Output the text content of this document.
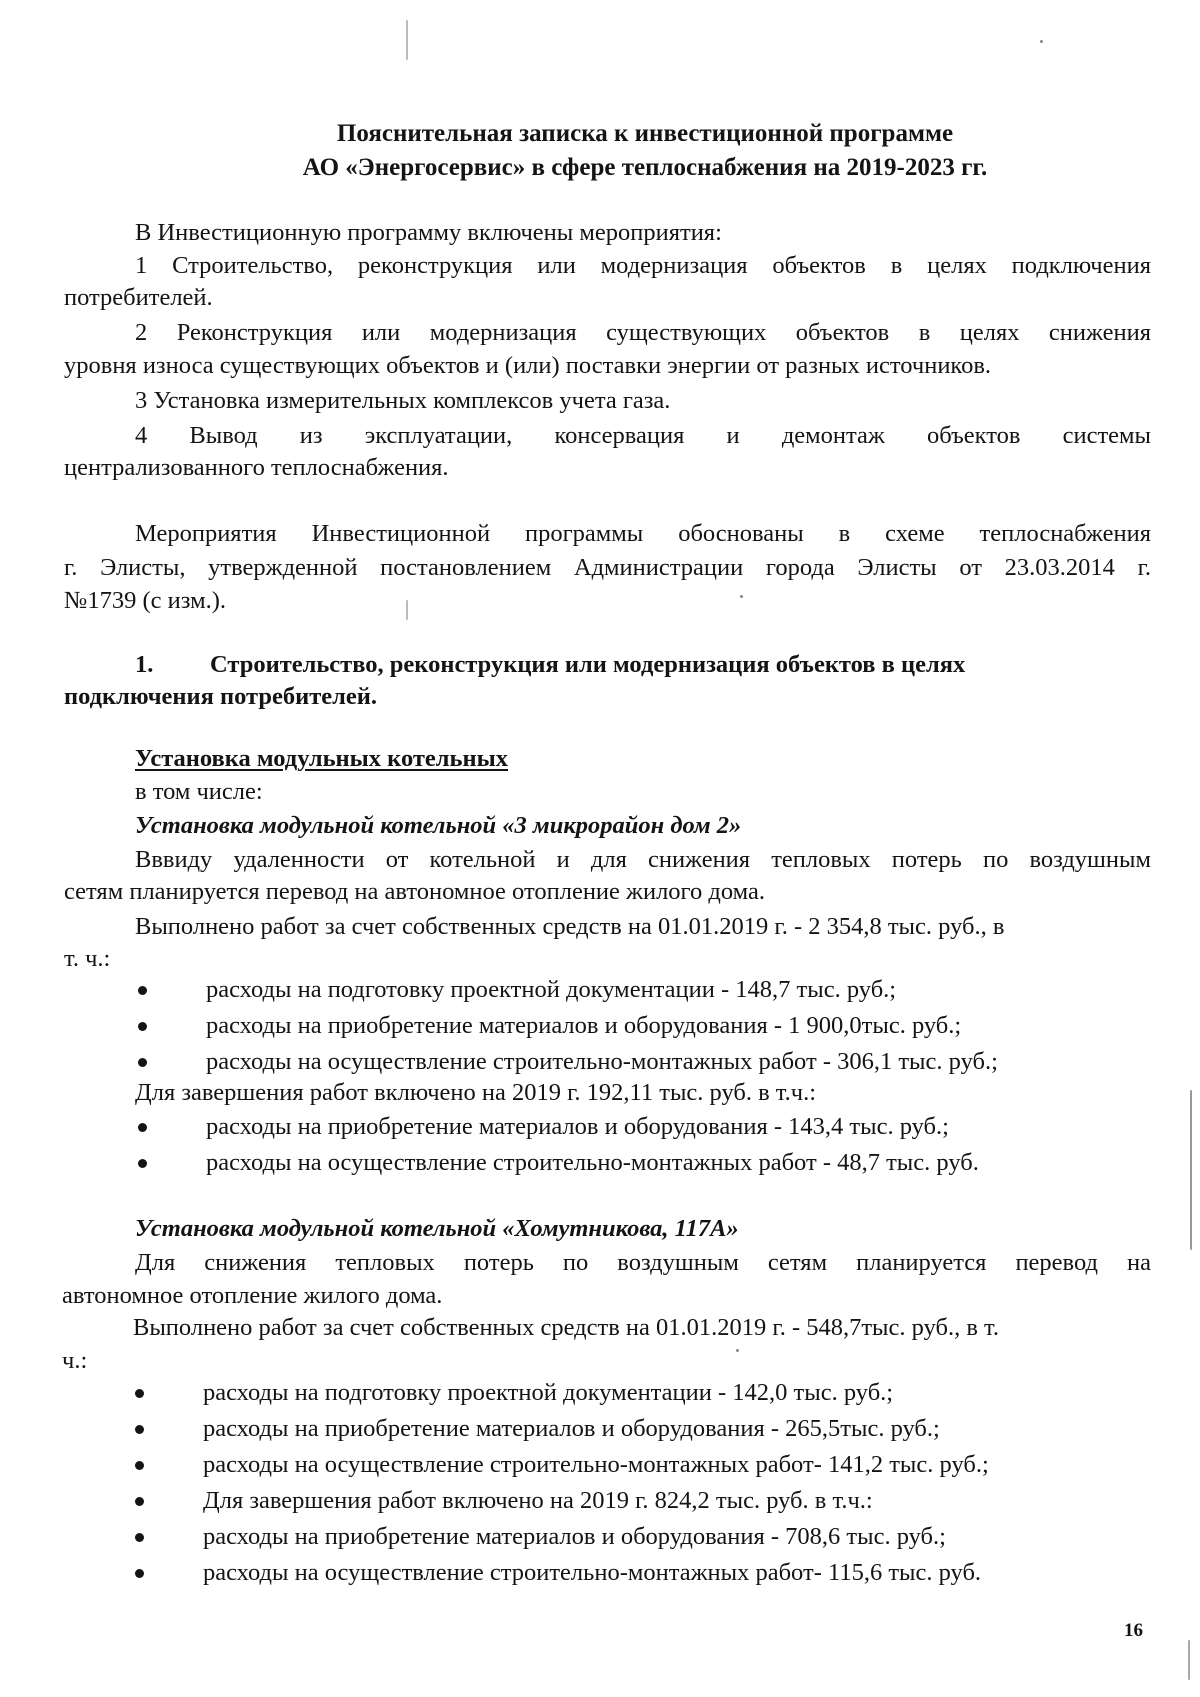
Пояснительная записка к инвестиционной программе
АО «Энергосервис» в сфере теплоснабжения на 2019-2023 гг.
В Инвестиционную программу включены мероприятия:
1 Строительство, реконструкция или модернизация объектов в целях подключения
потребителей.
2 Реконструкция или модернизация существующих объектов в целях снижения
уровня износа существующих объектов и (или) поставки энергии от разных источников.
3 Установка измерительных комплексов учета газа.
4 Вывод из эксплуатации, консервация и демонтаж объектов системы
централизованного теплоснабжения.
Мероприятия Инвестиционной программы обоснованы в схеме теплоснабжения
г. Элисты, утвержденной постановлением Администрации города Элисты от 23.03.2014 г.
№1739 (с изм.).
1. Строительство, реконструкция или модернизация объектов в целях
подключения потребителей.
Установка модульных котельных
в том числе:
Установка модульной котельной «3 микрорайон дом 2»
Вввиду удаленности от котельной и для снижения тепловых потерь по воздушным
сетям планируется перевод на автономное отопление жилого дома.
Выполнено работ за счет собственных средств на 01.01.2019 г. - 2 354,8 тыс. руб., в
т. ч.:
расходы на подготовку проектной документации - 148,7 тыс. руб.;
расходы на приобретение материалов и оборудования - 1 900,0тыс. руб.;
расходы на осуществление строительно-монтажных работ - 306,1 тыс. руб.;
Для завершения работ включено на 2019 г. 192,11 тыс. руб. в т.ч.:
расходы на приобретение материалов и оборудования - 143,4 тыс. руб.;
расходы на осуществление строительно-монтажных работ - 48,7 тыс. руб.
Установка модульной котельной «Хомутникова, 117А»
Для снижения тепловых потерь по воздушным сетям планируется перевод на
автономное отопление жилого дома.
Выполнено работ за счет собственных средств на 01.01.2019 г. - 548,7тыс. руб., в т.
ч.:
расходы на подготовку проектной документации - 142,0 тыс. руб.;
расходы на приобретение материалов и оборудования - 265,5тыс. руб.;
расходы на осуществление строительно-монтажных работ- 141,2 тыс. руб.;
Для завершения работ включено на 2019 г. 824,2 тыс. руб. в т.ч.:
расходы на приобретение материалов и оборудования - 708,6 тыс. руб.;
расходы на осуществление строительно-монтажных работ- 115,6 тыс. руб.
16
